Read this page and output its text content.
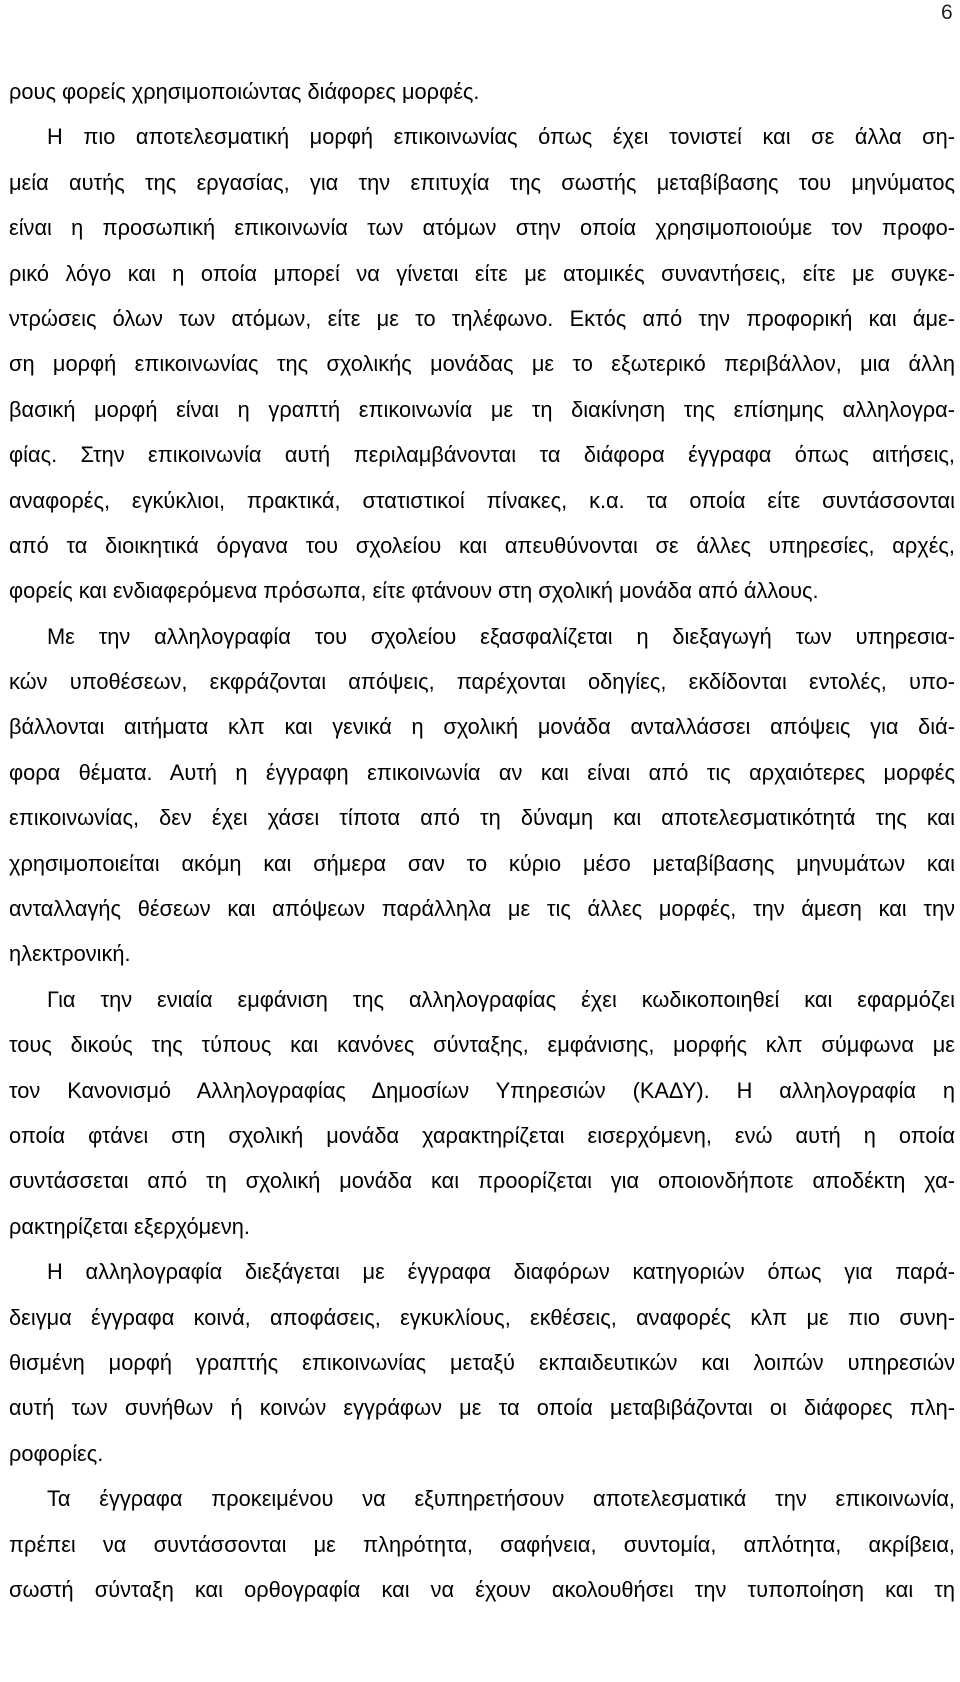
6
ρους φορείς χρησιμοποιώντας διάφορες μορφές.
Η πιο αποτελεσματική μορφή επικοινωνίας όπως έχει τονιστεί και σε άλλα ση-
μεία αυτής της εργασίας, για την επιτυχία της σωστής μεταβίβασης του μηνύματος
είναι η προσωπική επικοινωνία των ατόμων στην οποία χρησιμοποιούμε τον προφο-
ρικό λόγο και η οποία μπορεί να γίνεται είτε με ατομικές συναντήσεις, είτε με συγκε-
ντρώσεις όλων των ατόμων, είτε με το τηλέφωνο. Εκτός από την προφορική και άμε-
ση μορφή επικοινωνίας της σχολικής μονάδας με το εξωτερικό περιβάλλον, μια άλλη
βασική μορφή είναι η γραπτή επικοινωνία με τη διακίνηση της επίσημης αλληλογρα-
φίας. Στην επικοινωνία αυτή περιλαμβάνονται τα διάφορα έγγραφα όπως αιτήσεις,
αναφορές, εγκύκλιοι, πρακτικά, στατιστικοί πίνακες, κ.α. τα οποία είτε συντάσσονται
από τα διοικητικά όργανα του σχολείου και απευθύνονται σε άλλες υπηρεσίες, αρχές,
φορείς και ενδιαφερόμενα πρόσωπα, είτε φτάνουν στη σχολική μονάδα από άλλους.
Με την αλληλογραφία του σχολείου εξασφαλίζεται η διεξαγωγή των υπηρεσια-
κών υποθέσεων, εκφράζονται απόψεις, παρέχονται οδηγίες, εκδίδονται εντολές, υπο-
βάλλονται αιτήματα κλπ και γενικά η σχολική μονάδα ανταλλάσσει απόψεις για διά-
φορα θέματα. Αυτή η έγγραφη επικοινωνία αν και είναι από τις αρχαιότερες μορφές
επικοινωνίας, δεν έχει χάσει τίποτα από τη δύναμη και αποτελεσματικότητά της και
χρησιμοποιείται ακόμη και σήμερα σαν το κύριο μέσο μεταβίβασης μηνυμάτων και
ανταλλαγής θέσεων και απόψεων παράλληλα με τις άλλες μορφές, την άμεση και την
ηλεκτρονική.
Για την ενιαία εμφάνιση της αλληλογραφίας έχει κωδικοποιηθεί και εφαρμόζει
τους δικούς της τύπους και κανόνες σύνταξης, εμφάνισης, μορφής κλπ σύμφωνα με
τον Κανονισμό Αλληλογραφίας Δημοσίων Υπηρεσιών (ΚΑΔΥ). Η αλληλογραφία η
οποία φτάνει στη σχολική μονάδα χαρακτηρίζεται εισερχόμενη, ενώ αυτή η οποία
συντάσσεται από τη σχολική μονάδα και προορίζεται για οποιονδήποτε αποδέκτη χα-
ρακτηρίζεται εξερχόμενη.
Η αλληλογραφία διεξάγεται με έγγραφα διαφόρων κατηγοριών όπως για παρά-
δειγμα έγγραφα κοινά, αποφάσεις, εγκυκλίους, εκθέσεις, αναφορές κλπ με πιο συνη-
θισμένη μορφή γραπτής επικοινωνίας μεταξύ εκπαιδευτικών και λοιπών υπηρεσιών
αυτή των συνήθων ή κοινών εγγράφων με τα οποία μεταβιβάζονται οι διάφορες πλη-
ροφορίες.
Τα έγγραφα προκειμένου να εξυπηρετήσουν αποτελεσματικά την επικοινωνία,
πρέπει να συντάσσονται με πληρότητα, σαφήνεια, συντομία, απλότητα, ακρίβεια,
σωστή σύνταξη και ορθογραφία και να έχουν ακολουθήσει την τυποποίηση και τη
